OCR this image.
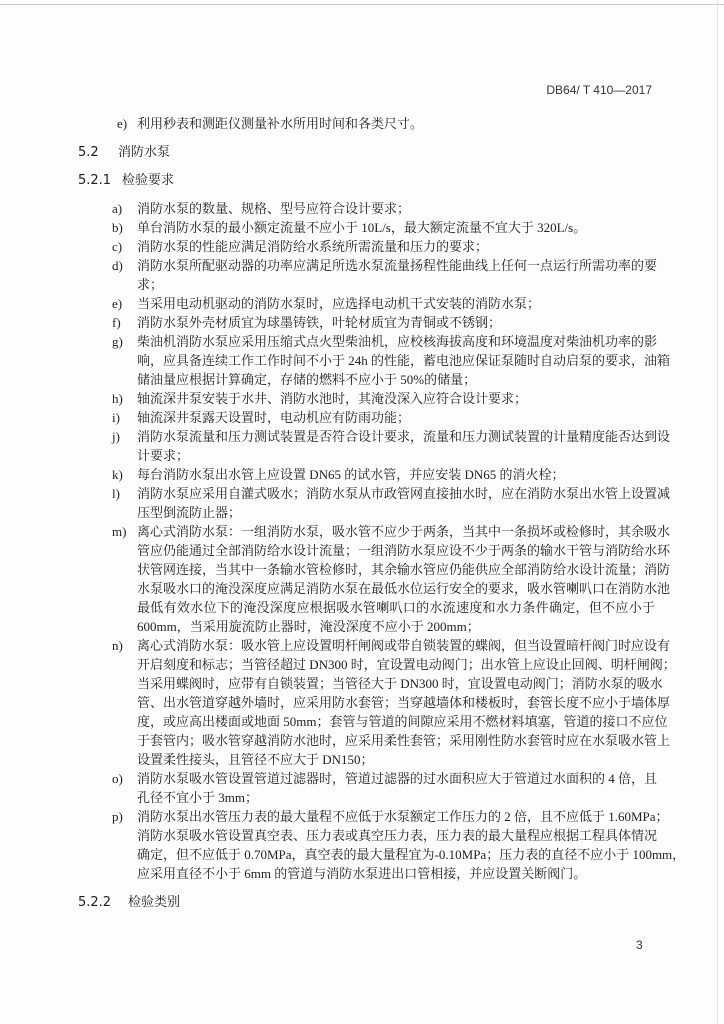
DB64/ T 410—2017
e) 利用秒表和测距仪测量补水所用时间和各类尺寸。
5.2 消防水泵
5.2.1 检验要求
a) 消防水泵的数量、规格、型号应符合设计要求；
b) 单台消防水泵的最小额定流量不应小于 10L/s，最大额定流量不宜大于 320L/s。
c) 消防水泵的性能应满足消防给水系统所需流量和压力的要求；
d) 消防水泵所配驱动器的功率应满足所选水泵流量扬程性能曲线上任何一点运行所需功率的要
求；
e) 当采用电动机驱动的消防水泵时，应选择电动机干式安装的消防水泵；
f) 消防水泵外壳材质宜为球墨铸铁，叶轮材质宜为青铜或不锈钢；
g) 柴油机消防水泵应采用压缩式点火型柴油机，应校核海拔高度和环境温度对柴油机功率的影
响，应具备连续工作工作时间不小于 24h 的性能，蓄电池应保证泵随时自动启泵的要求，油箱
储油量应根据计算确定，存储的燃料不应小于 50%的储量；
h) 轴流深井泵安装于水井、消防水池时，其淹没深入应符合设计要求；
i) 轴流深井泵露天设置时，电动机应有防雨功能；
j) 消防水泵流量和压力测试装置是否符合设计要求，流量和压力测试装置的计量精度能否达到设
计要求；
k) 每台消防水泵出水管上应设置 DN65 的试水管，并应安装 DN65 的消火栓；
l) 消防水泵应采用自灌式吸水；消防水泵从市政管网直接抽水时，应在消防水泵出水管上设置减
压型倒流防止器；
m) 离心式消防水泵：一组消防水泵，吸水管不应少于两条，当其中一条损坏或检修时，其余吸水
管应仍能通过全部消防给水设计流量；一组消防水泵应设不少于两条的输水干管与消防给水环
状管网连接，当其中一条输水管检修时，其余输水管应仍能供应全部消防给水设计流量；消防
水泵吸水口的淹没深度应满足消防水泵在最低水位运行安全的要求，吸水管喇叭口在消防水池
最低有效水位下的淹没深度应根据吸水管喇叭口的水流速度和水力条件确定，但不应小于
600mm，当采用旋流防止器时，淹没深度不应小于 200mm；
n) 离心式消防水泵：吸水管上应设置明杆闸阀或带自锁装置的蝶阀，但当设置暗杆阀门时应设有
开启刻度和标志；当管径超过 DN300 时，宜设置电动阀门；出水管上应设止回阀、明杆闸阀；
当采用蝶阀时，应带有自锁装置；当管径大于 DN300 时，宜设置电动阀门；消防水泵的吸水
管、出水管道穿越外墙时，应采用防水套管；当穿越墙体和楼板时，套管长度不应小于墙体厚
度，或应高出楼面或地面 50mm；套管与管道的间隙应采用不燃材料填塞，管道的接口不应位
于套管内；吸水管穿越消防水池时，应采用柔性套管；采用刚性防水套管时应在水泵吸水管上
设置柔性接头，且管径不应大于 DN150；
o) 消防水泵吸水管设置管道过滤器时，管道过滤器的过水面积应大于管道过水面积的 4 倍，且
孔径不宜小于 3mm；
p) 消防水泵出水管压力表的最大量程不应低于水泵额定工作压力的 2 倍，且不应低于 1.60MPa；
消防水泵吸水管设置真空表、压力表或真空压力表，压力表的最大量程应根据工程具体情况
确定，但不应低于 0.70MPa，真空表的最大量程宜为-0.10MPa；压力表的直径不应小于 100mm，
应采用直径不小于 6mm 的管道与消防水泵进出口管相接，并应设置关断阀门。
5.2.2 检验类别
3
